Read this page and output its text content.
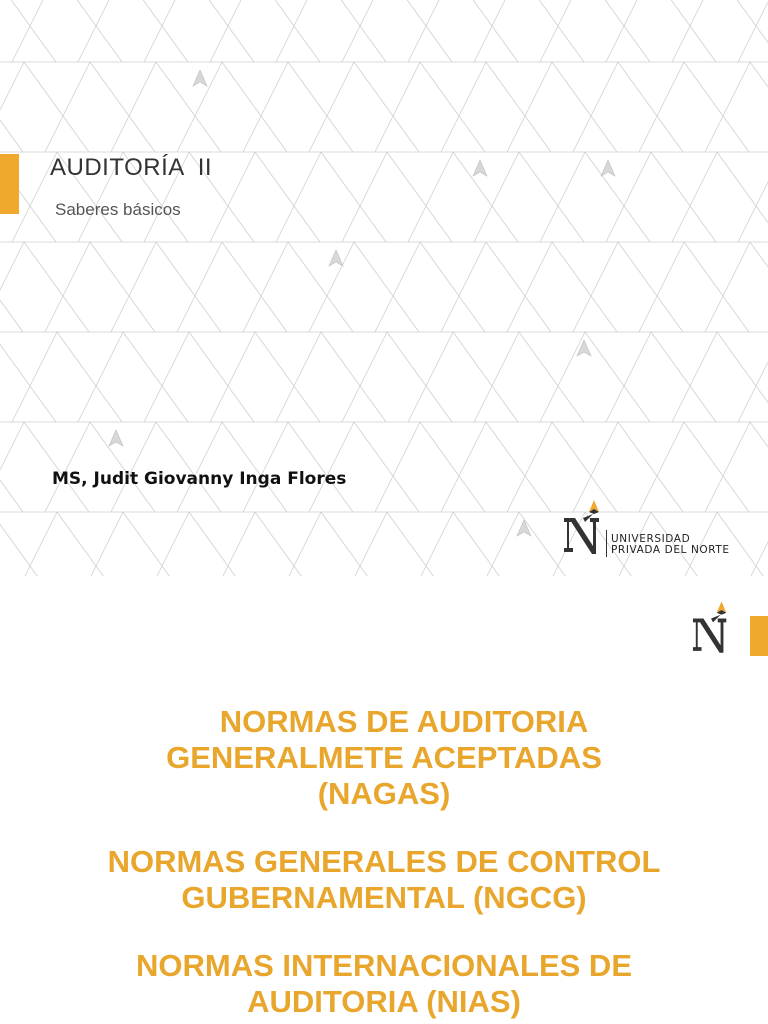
AUDITORÍA  II

Saberes básicos

MS, Judit Giovanny Inga Flores

UNIVERSIDAD
PRIVADA DEL NORTE
NORMAS DE AUDITORIA
GENERALMETE ACEPTADAS
(NAGAS)
NORMAS GENERALES DE CONTROL
GUBERNAMENTAL (NGCG)
NORMAS INTERNACIONALES DE
AUDITORIA (NIAS)
